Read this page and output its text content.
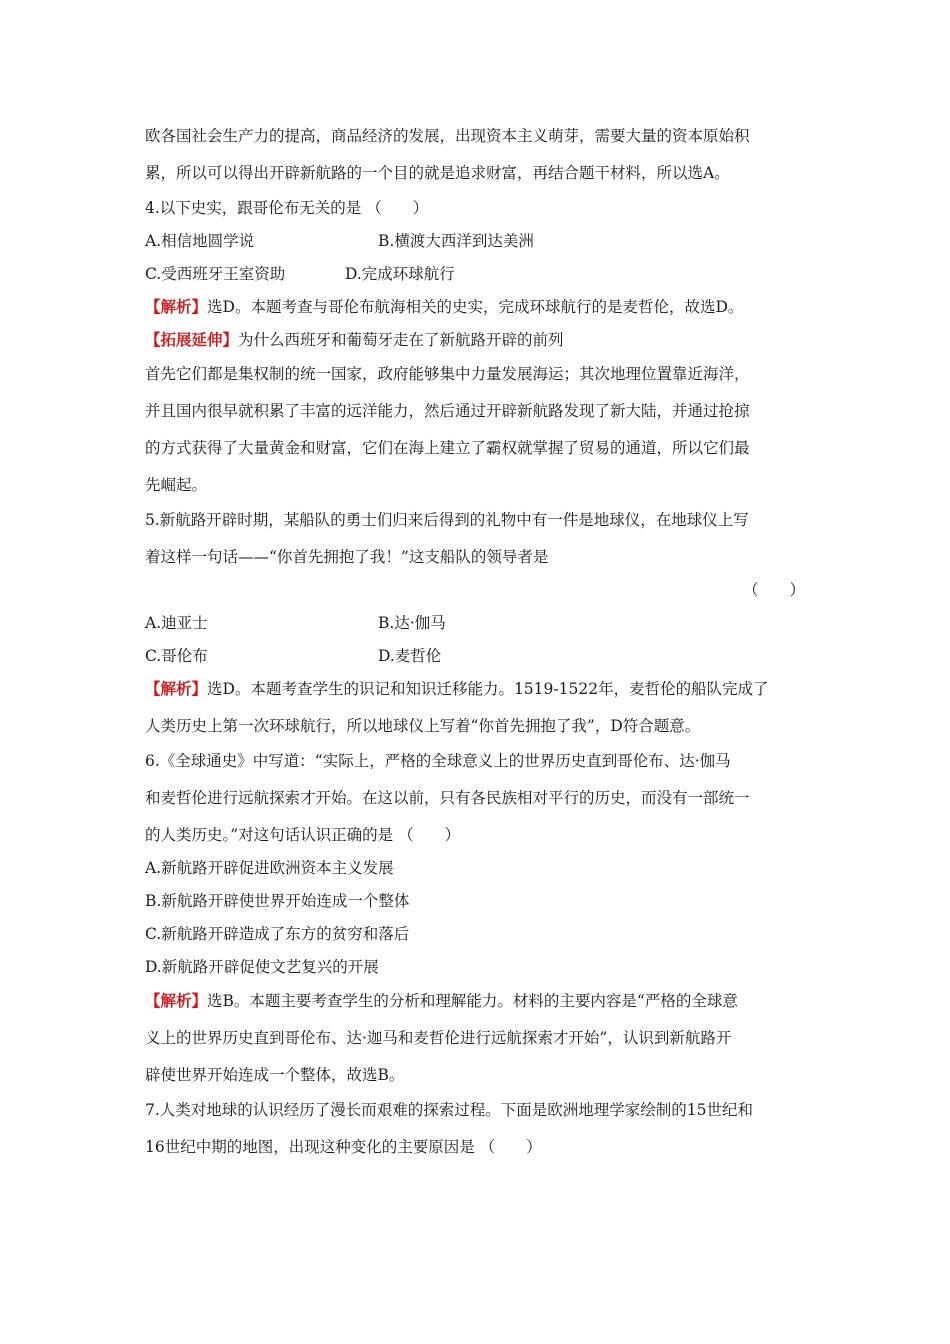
欧各国社会生产力的提高，商品经济的发展，出现资本主义萌芽，需要大量的资本原始积
累，所以可以得出开辟新航路的一个目的就是追求财富，再结合题干材料，所以选A。
4.以下史实，跟哥伦布无关的是 （　　）
A.相信地圆学说	B.横渡大西洋到达美洲
C.受西班牙王室资助	D.完成环球航行
【解析】选D。本题考查与哥伦布航海相关的史实，完成环球航行的是麦哲伦，故选D。
【拓展延伸】为什么西班牙和葡萄牙走在了新航路开辟的前列
首先它们都是集权制的统一国家，政府能够集中力量发展海运；其次地理位置靠近海洋，
并且国内很早就积累了丰富的远洋能力，然后通过开辟新航路发现了新大陆，并通过抢掠
的方式获得了大量黄金和财富，它们在海上建立了霸权就掌握了贸易的通道，所以它们最
先崛起。
5.新航路开辟时期，某船队的勇士们归来后得到的礼物中有一件是地球仪，在地球仪上写
着这样一句话——“你首先拥抱了我！”这支船队的领导者是
（　　）
A.迪亚士	B.达·伽马
C.哥伦布	D.麦哲伦
【解析】选D。本题考查学生的识记和知识迁移能力。1519-1522年，麦哲伦的船队完成了
人类历史上第一次环球航行，所以地球仪上写着“你首先拥抱了我”，D符合题意。
6.《全球通史》中写道：“实际上，严格的全球意义上的世界历史直到哥伦布、达·伽马
和麦哲伦进行远航探索才开始。在这以前，只有各民族相对平行的历史，而没有一部统一
的人类历史。”对这句话认识正确的是 （　　）
A.新航路开辟促进欧洲资本主义发展
B.新航路开辟使世界开始连成一个整体
C.新航路开辟造成了东方的贫穷和落后
D.新航路开辟促使文艺复兴的开展
【解析】选B。本题主要考查学生的分析和理解能力。材料的主要内容是“严格的全球意
义上的世界历史直到哥伦布、达·迦马和麦哲伦进行远航探索才开始”，认识到新航路开
辟使世界开始连成一个整体，故选B。
7.人类对地球的认识经历了漫长而艰难的探索过程。下面是欧洲地理学家绘制的15世纪和
16世纪中期的地图，出现这种变化的主要原因是 （　　）
